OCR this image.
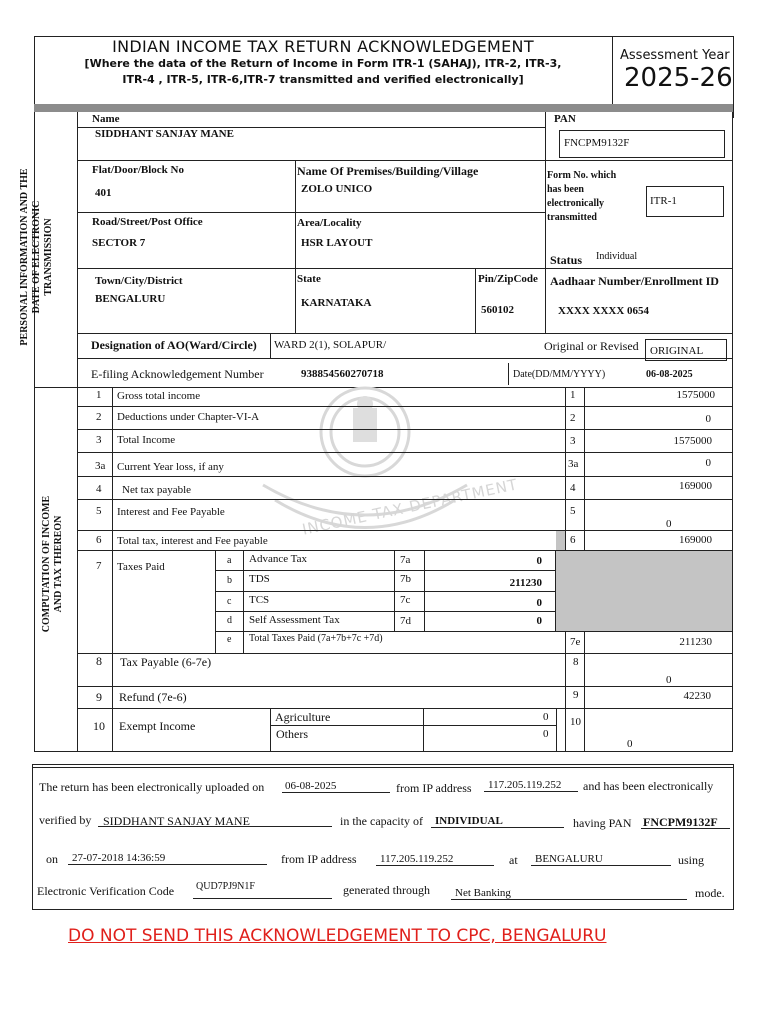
INDIAN INCOME TAX RETURN ACKNOWLEDGEMENT
[Where the data of the Return of Income in Form ITR-1 (SAHAJ), ITR-2, ITR-3,
ITR-4 , ITR-5, ITR-6,ITR-7 transmitted and verified electronically]
Assessment Year
2025-26
PERSONAL INFORMATION AND THE DATE OF ELECTRONIC TRANSMISSION
Name
SIDDHANT SANJAY MANE
PAN
FNCPM9132F
Flat/Door/Block No
401
Name Of Premises/Building/Village
ZOLO UNICO
Form No. which
has been
electronically
transmitted
ITR-1
Road/Street/Post Office
SECTOR 7
Area/Locality
HSR LAYOUT
Status Individual
Town/City/District
BENGALURU
State
KARNATAKA
Pin/ZipCode
560102
Aadhaar Number/Enrollment ID
XXXX XXXX 0654
Designation of AO(Ward/Circle) WARD 2(1), SOLAPUR/	Original or Revised ORIGINAL
E-filing Acknowledgement Number	938854560270718	Date(DD/MM/YYYY)	06-08-2025
INCOME TAX DEPARTMENT
COMPUTATION OF INCOME AND TAX THEREON
1 Gross total income	1	1575000
2 Deductions under Chapter-VI-A	2	0
3 Total Income	3	1575000
3a Current Year loss, if any	3a	0
4 Net tax payable	4	169000
5 Interest and Fee Payable	5
0
6 Total tax, interest and Fee payable	6	169000
7 Taxes Paid
a Advance Tax	7a	0
b TDS	7b	211230
c TCS	7c	0
d Self Assessment Tax	7d	0
e Total Taxes Paid (7a+7b+7c +7d)	7e	211230
8 Tax Payable (6-7e)	8
0
9 Refund (7e-6)	9	42230
10 Exempt Income
Agriculture	0
Others	0
10
0
The return has been electronically uploaded on 06-08-2025	from IP address 117.205.119.252 and has been electronically
verified by SIDDHANT SANJAY MANE	in the capacity of INDIVIDUAL	having PAN FNCPM9132F
on 27-07-2018 14:36:59	from IP address 117.205.119.252	at BENGALURU	using
Electronic Verification Code QUD7PJ9N1F	generated through Net Banking	mode.
DO NOT SEND THIS ACKNOWLEDGEMENT TO CPC, BENGALURU
